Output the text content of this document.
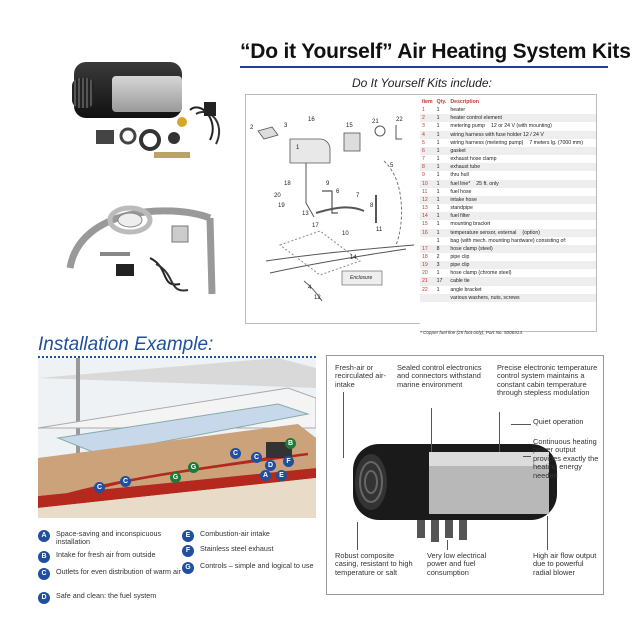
“Do it Yourself” Air Heating System Kits
Do It Yourself Kits include:
2	3
16
15
21	22
1
5
18	9
6
20
19
7
8
13
17
10
11
14
4
12
Enclosure
Item	Qty.	Description
1	1	heater
2	1	heater control element
3	1	metering pump 12 or 24 V (with mounting)
4	1	wiring harness with fuse holder 12 / 24 V
5	1	wiring harness (metering pump) 7 meters lg. (7000 mm)
6	1	gasket
7	1	exhaust hose clamp
8	1	exhaust tube
9	1	thru hull
10	1	fuel line* 25 ft. only
11	1	fuel hose
12	1	intake hose
13	1	standpipe
14	1	fuel filter
15	1	mounting bracket
16	1	temperature sensor, external (option)
	1	bag (with mech. mounting hardware) consisting of:
17	8	hose clamp (steel)
18	2	pipe clip
19	3	pipe clip
20	1	hose clamp (chrome steel)
21	17	cable tie
22	1	angle bracket
		various washers, nuts, screws
* Copper fuel line (25 foot only), Part No. 5006914.
Installation Example:
B
C
C
D
F
A	E
G
G
C
C
A	Space-saving and inconspicuous installation
B	Intake for fresh air from outside
C	Outlets for even distribution of warm air
D	Safe and clean: the fuel system
E	Combustion-air intake
F	Stainless steel exhaust
G	Controls – simple and logical to use
Fresh-air or recirculated air-intake
Sealed control electronics and connectors withstand marine environment
Precise electronic temperature control system maintains a constant cabin temperature through stepless modulation
Quiet operation
Continuous heating power output provides exactly the heating energy needed
Robust composite casing, resistant to high temperature or salt
Very low electrical power and fuel consumption
High air flow output due to powerful radial blower
